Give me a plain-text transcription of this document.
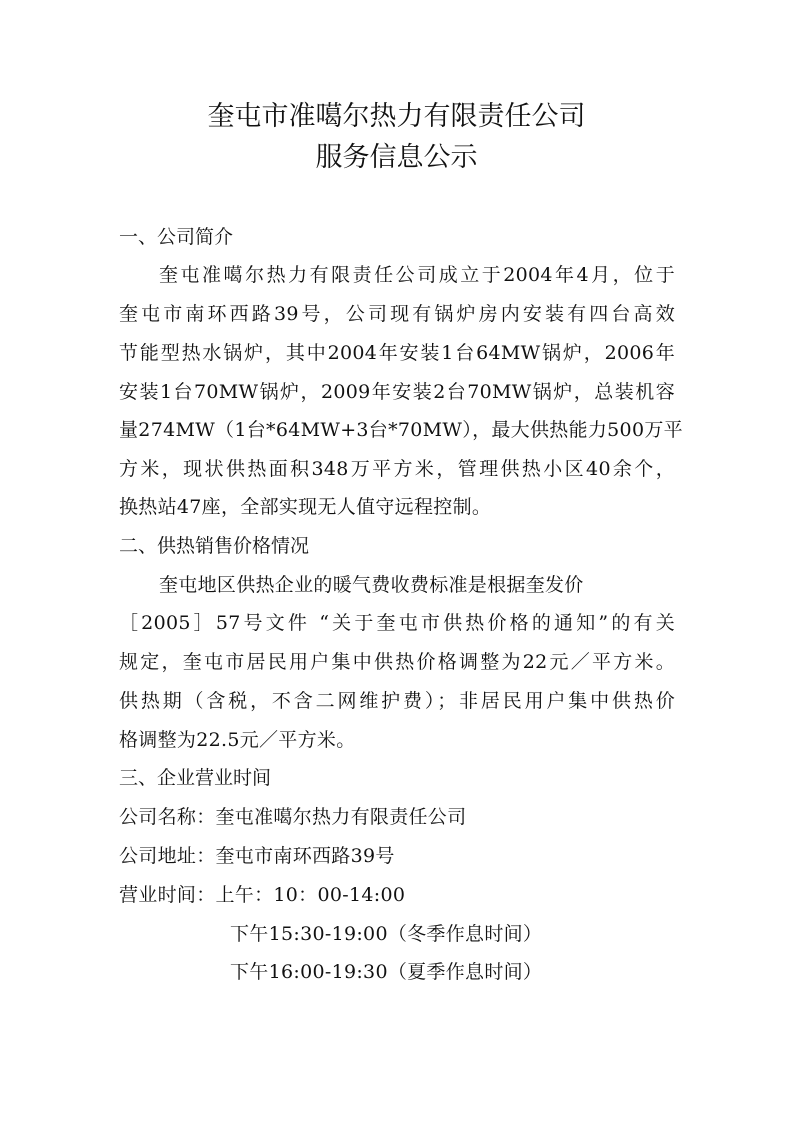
奎屯市准噶尔热力有限责任公司
服务信息公示
一、公司简介
奎屯准噶尔热力有限责任公司成立于2004年4月，位于
奎屯市南环西路39号，公司现有锅炉房内安装有四台高效
节能型热水锅炉，其中2004年安装1台64MW锅炉，2006年
安装1台70MW锅炉，2009年安装2台70MW锅炉，总装机容
量274MW（1台*64MW+3台*70MW），最大供热能力500万平
方米，现状供热面积348万平方米，管理供热小区40余个，
换热站47座，全部实现无人值守远程控制。
二、供热销售价格情况
奎屯地区供热企业的暖气费收费标准是根据奎发价
［2005］57号文件 “关于奎屯市供热价格的通知”的有关
规定，奎屯市居民用户集中供热价格调整为22元／平方米。
供热期（含税，不含二网维护费）；非居民用户集中供热价
格调整为22.5元／平方米。
三、企业营业时间
公司名称：奎屯准噶尔热力有限责任公司
公司地址：奎屯市南环西路39号
营业时间：上午：10：00-14:00
下午15:30-19:00（冬季作息时间）
下午16:00-19:30（夏季作息时间）
